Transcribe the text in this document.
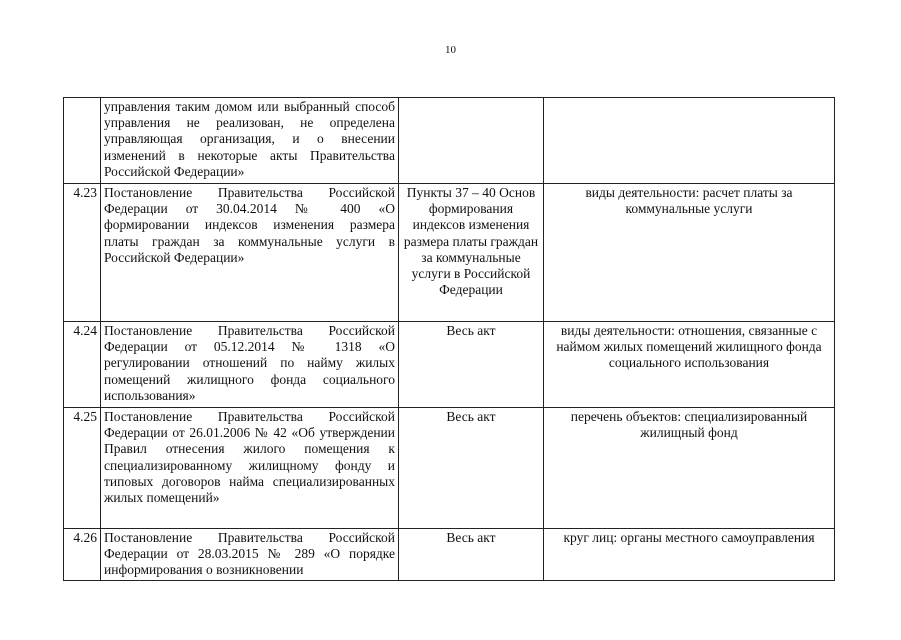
10
	управления таким домом или выбранный способ управления не реализован, не определена управляющая организация, и о внесении изменений в некоторые акты Правительства Российской Федерации»		
4.23	Постановление Правительства Российской Федерации от 30.04.2014 № 400 «О формировании индексов изменения размера платы граждан за коммунальные услуги в Российской Федерации»	Пункты 37 – 40 Основ формирования индексов изменения размера платы граждан за коммунальные услуги в Российской Федерации	виды деятельности: расчет платы за коммунальные услуги
4.24	Постановление Правительства Российской Федерации от 05.12.2014 № 1318 «О регулировании отношений по найму жилых помещений жилищного фонда социального использования»	Весь акт	виды деятельности: отношения, связанные с наймом жилых помещений жилищного фонда социального использования
4.25	Постановление Правительства Российской Федерации от 26.01.2006 № 42 «Об утверждении Правил отнесения жилого помещения к специализированному жилищному фонду и типовых договоров найма специализированных жилых помещений»	Весь акт	перечень объектов: специализированный жилищный фонд
4.26	Постановление Правительства Российской Федерации от 28.03.2015 № 289 «О порядке информирования о возникновении	Весь акт	круг лиц: органы местного самоуправления
